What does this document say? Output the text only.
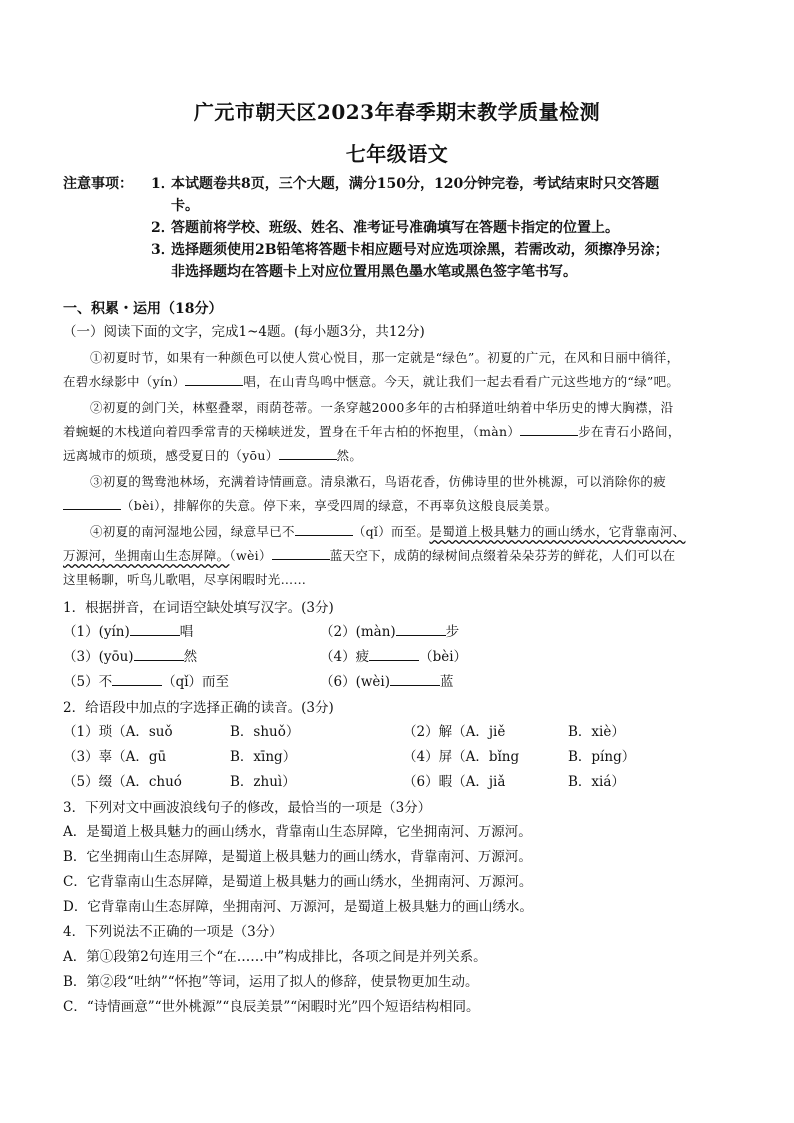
广元市朝天区2023年春季期末教学质量检测
七年级语文
注意事项：	1．
本试题卷共8页，三个大题，满分150分，120分钟完卷，考试结束时只交答题
卡。
2．
答题前将学校、班级、姓名、准考证号准确填写在答题卡指定的位置上。
3．
选择题须使用2B铅笔将答题卡相应题号对应选项涂黑，若需改动，须擦净另涂；
非选择题均在答题卡上对应位置用黑色墨水笔或黑色签字笔书写。
一、积累・运用（18分）
（一）阅读下面的文字，完成1~4题。(每小题3分，共12分)
①初夏时节，如果有一种颜色可以使人赏心悦目，那一定就是“绿色”。初夏的广元，在风和日丽中徜徉，
在碧水绿影中（yín）	唱，在山青鸟鸣中惬意。今天，就让我们一起去看看广元这些地方的“绿”吧。
②初夏的剑门关，林壑叠翠，雨荫苍蒂。一条穿越2000多年的古柏驿道吐纳着中华历史的博大胸襟，沿
着蜿蜒的木栈道向着四季常青的天梯峡迸发，置身在千年古柏的怀抱里，（màn）	步在青石小路间，
远离城市的烦琐，感受夏日的（yōu）	然。
③初夏的鸳鸯池林场，充满着诗情画意。清泉漱石，鸟语花香，仿佛诗里的世外桃源，可以消除你的疲
（bèi），排解你的失意。停下来，享受四周的绿意，不再辜负这般良辰美景。
④初夏的南河湿地公园，绿意早已不	（qǐ）而至。是蜀道上极具魅力的画山绣水，它背靠南河、
万源河，坐拥南山生态屏障。（wèi）	蓝天空下，成荫的绿树间点缀着朵朵芬芳的鲜花，人们可以在
这里畅聊，听鸟儿歌唱，尽享闲暇时光……
1．根据拼音，在词语空缺处填写汉字。(3分)
（1）(yín)	唱	（2）(màn)	步
（3）(yōu)	然	（4）疲	（bèi）
（5）不	（qǐ）而至	（6）(wèi)	蓝
2．给语段中加点的字选择正确的读音。(3分)
（1）琐（A．suǒ	B．shuǒ）	（2）解（A．jiě	B．xiè）
（3）辜（A．gū	B．xīng）	（4）屏（A．bǐng	B．píng）
（5）缀（A．chuó	B．zhuì）	（6）暇（A．jiǎ	B．xiá）
3．下列对文中画波浪线句子的修改，最恰当的一项是（3分）
A．是蜀道上极具魅力的画山绣水，背靠南山生态屏障，它坐拥南河、万源河。
B．它坐拥南山生态屏障，是蜀道上极具魅力的画山绣水，背靠南河、万源河。
C．它背靠南山生态屏障，是蜀道上极具魅力的画山绣水，坐拥南河、万源河。
D．它背靠南山生态屏障，坐拥南河、万源河，是蜀道上极具魅力的画山绣水。
4．下列说法不正确的一项是（3分）
A．第①段第2句连用三个“在……中”构成排比，各项之间是并列关系。
B．第②段“吐纳”“怀抱”等词，运用了拟人的修辞，使景物更加生动。
C．“诗情画意”“世外桃源”“良辰美景”“闲暇时光”四个短语结构相同。
